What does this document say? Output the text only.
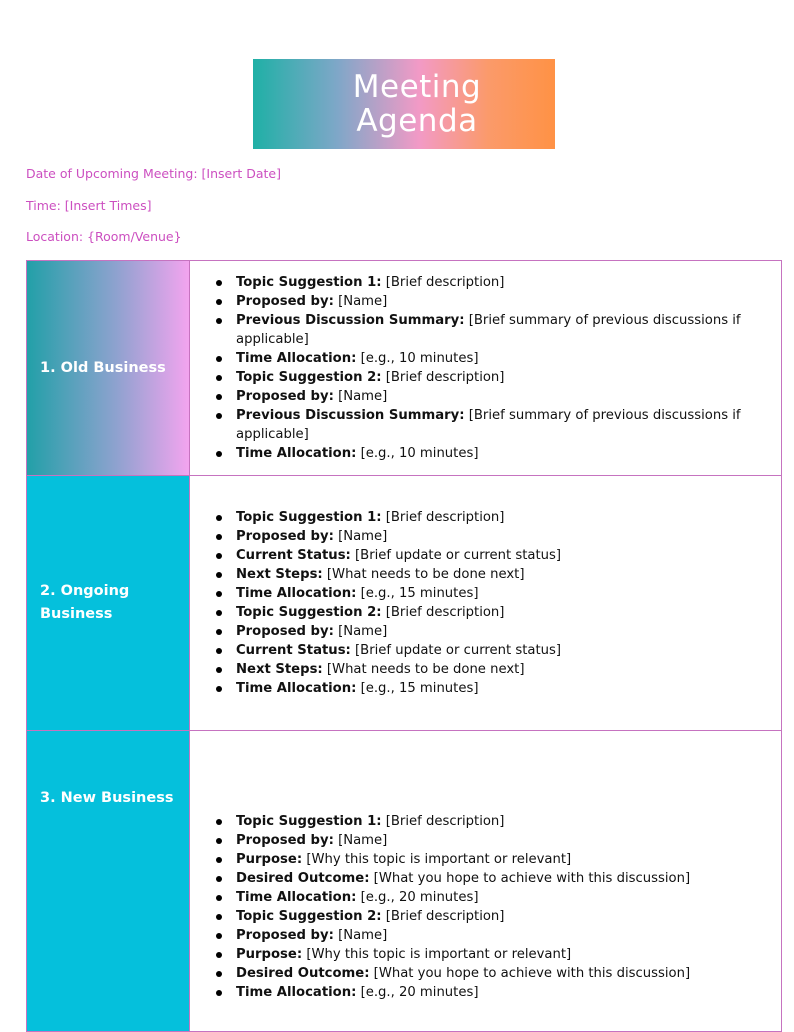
Meeting
Agenda
Date of Upcoming Meeting: [Insert Date]
Time: [Insert Times]
Location: {Room/Venue}
1. Old Business
Topic Suggestion 1: [Brief description]
Proposed by: [Name]
Previous Discussion Summary: [Brief summary of previous discussions if applicable]
Time Allocation: [e.g., 10 minutes]
Topic Suggestion 2: [Brief description]
Proposed by: [Name]
Previous Discussion Summary: [Brief summary of previous discussions if applicable]
Time Allocation: [e.g., 10 minutes]
2. Ongoing Business
Topic Suggestion 1: [Brief description]
Proposed by: [Name]
Current Status: [Brief update or current status]
Next Steps: [What needs to be done next]
Time Allocation: [e.g., 15 minutes]
Topic Suggestion 2: [Brief description]
Proposed by: [Name]
Current Status: [Brief update or current status]
Next Steps: [What needs to be done next]
Time Allocation: [e.g., 15 minutes]
3. New Business
Topic Suggestion 1: [Brief description]
Proposed by: [Name]
Purpose: [Why this topic is important or relevant]
Desired Outcome: [What you hope to achieve with this discussion]
Time Allocation: [e.g., 20 minutes]
Topic Suggestion 2: [Brief description]
Proposed by: [Name]
Purpose: [Why this topic is important or relevant]
Desired Outcome: [What you hope to achieve with this discussion]
Time Allocation: [e.g., 20 minutes]
